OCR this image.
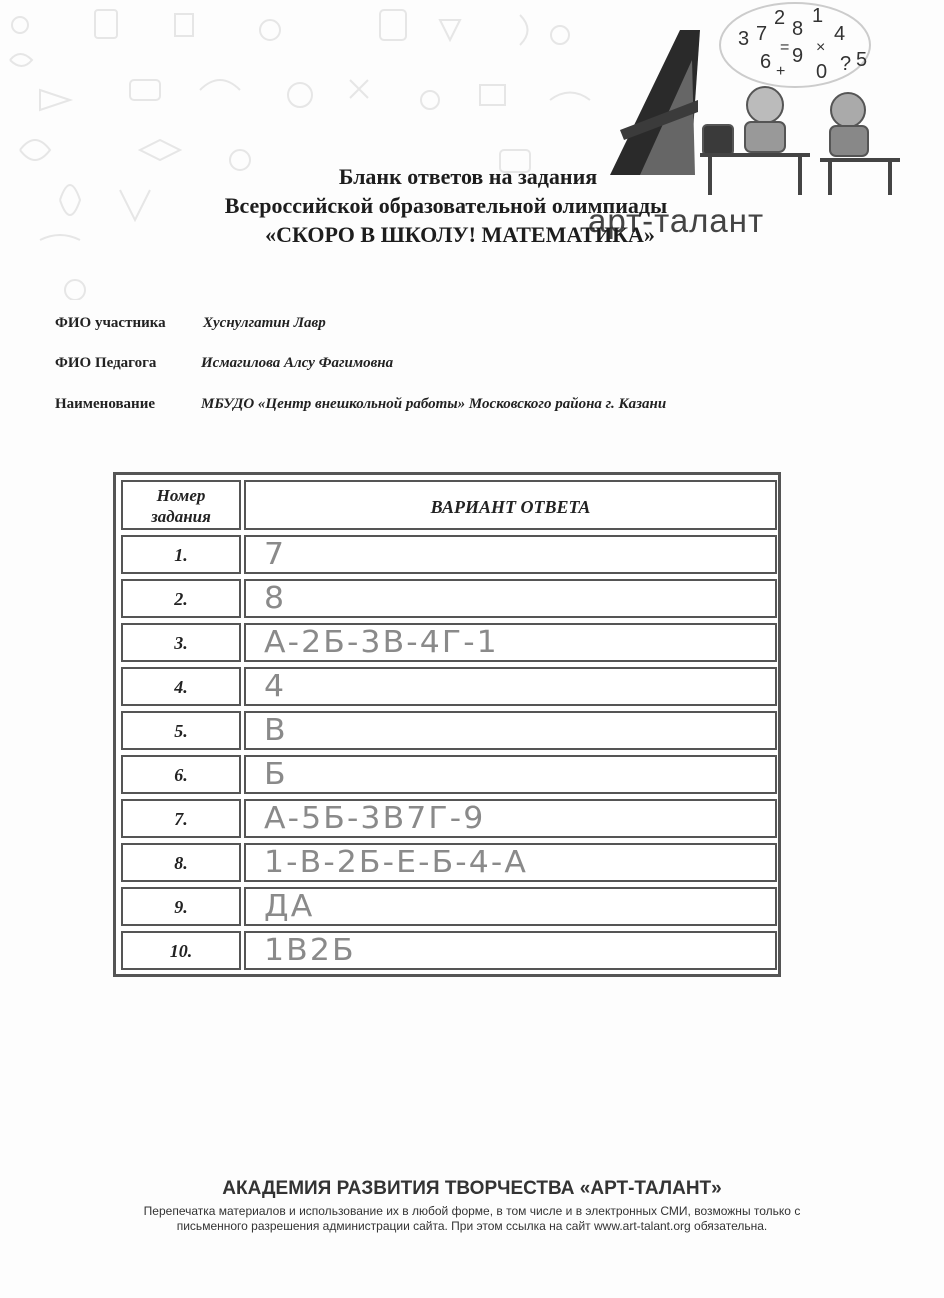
3 7
2 8
1
4
6 9
0 ? 5
= ×
+
арт-талант
Бланк ответов на задания
Всероссийской образовательной олимпиады
«СКОРО В ШКОЛУ! МАТЕМАТИКА»
ФИО участника Хуснулгатин Лавр
ФИО Педагога	Исмагилова Алсу Фагимовна
Наименование	МБУДО «Центр внешкольной работы» Московского района г. Казани
Номер
задания	ВАРИАНТ ОТВЕТА
1.	7
2.	8
3.	А-2Б-3В-4Г-1
4.	4
5.	В
6.	Б
7.	А-5Б-3В7Г-9
8.	1-В-2Б-Е-Б-4-А
9.	ДА
10.	1В2Б
АКАДЕМИЯ РАЗВИТИЯ ТВОРЧЕСТВА «АРТ-ТАЛАНТ»
Перепечатка материалов и использование их в любой форме, в том числе и в электронных СМИ, возможны только с
письменного разрешения администрации сайта. При этом ссылка на сайт www.art-talant.org обязательна.
